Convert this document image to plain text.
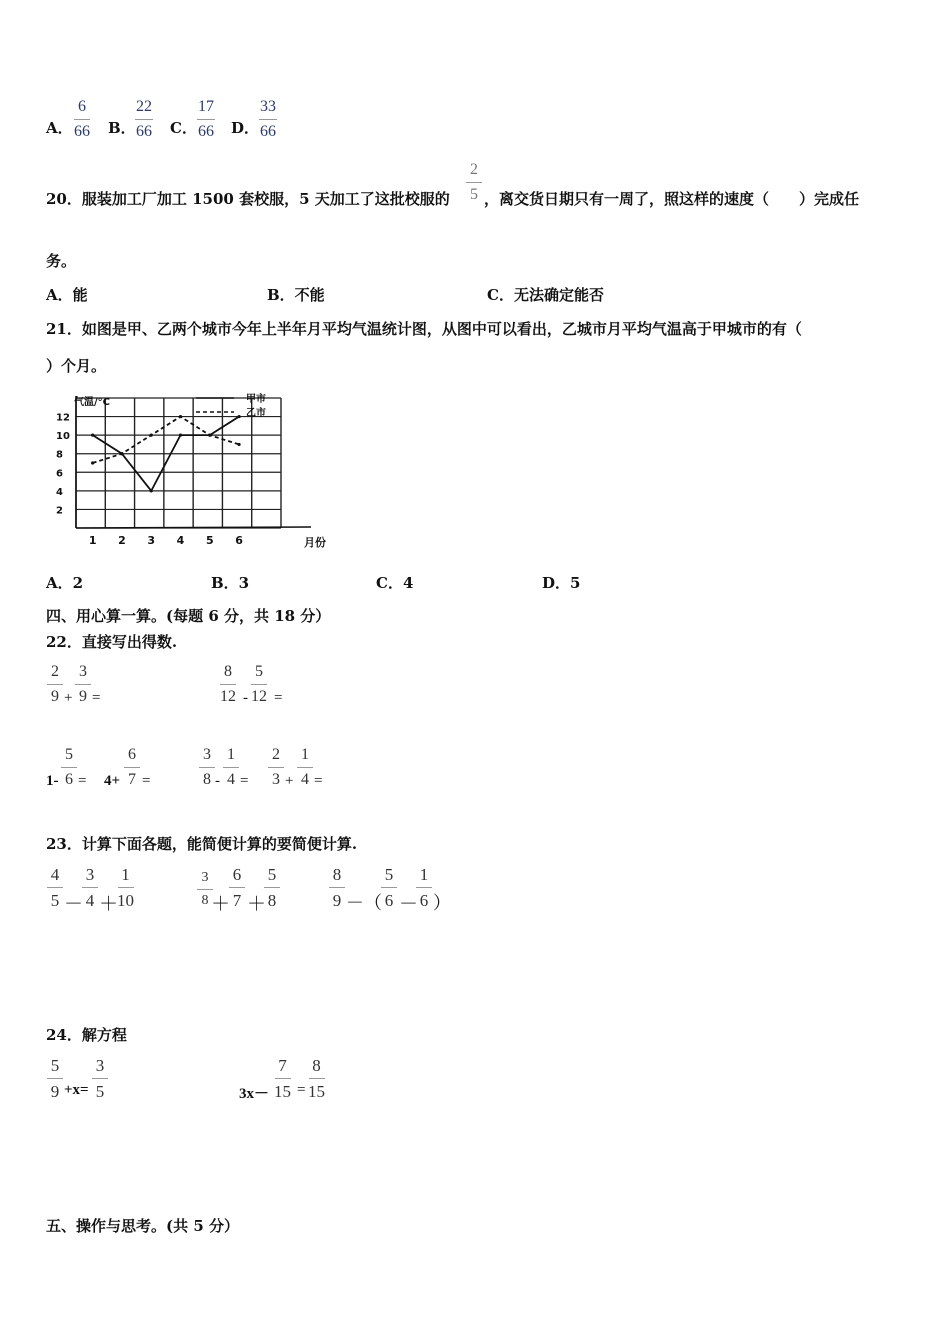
A． $\frac{6}{66}$ B． $\frac{22}{66}$ C． $\frac{17}{66}$ D． $\frac{33}{66}$
20．服装加工厂加工 1500 套校服，5 天加工了这批校服的 $\frac{2}{5}$ ，离交货日期只有一周了，照这样的速度（　　）完成任
务。
A．能	B．不能	C．无法确定能否
21．如图是甲、乙两个城市今年上半年月平均气温统计图，从图中可以看出，乙城市月平均气温高于甲城市的有（
）个月。
2
4
6
8
10
12
1 2 3 4 5 6
气温/°C
月份
甲市
乙市
A．2	B．3	C．4	D．5
四、用心算一算。(每题 6 分，共 18 分）
22．直接写出得数.
$\frac{2}{9} + \frac{3}{9}$ =	$\frac{8}{12} - \frac{5}{12}$ =
$1- \frac{5}{6} = 4+ \frac{6}{7}$ =	$\frac{3}{8} - \frac{1}{4} = \frac{2}{3} + \frac{1}{4}$ =
23．计算下面各题，能简便计算的要简便计算.
$\frac{4}{5}$ －
$\frac{3}{4}$ ＋
$\frac{1}{10}$	$\frac{3}{8}$
＋
$\frac{6}{7}$ ＋
$\frac{5}{8}$	$\frac{8}{9}$ －（ $\frac{5}{6}$ －
$\frac{1}{6}$ ）
24．解方程
$\frac{5}{9} +x= \frac{3}{5}$	$3x- \frac{7}{15} = \frac{8}{15}$
五、操作与思考。(共 5 分）
